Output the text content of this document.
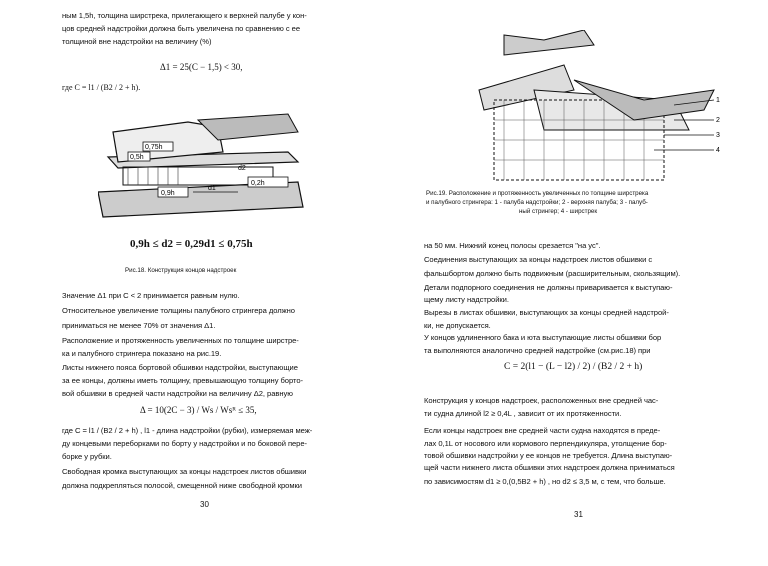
ным 1,5h, толщина ширстрека, прилегающего к верхней палубе у кон-
цов средней надстройки должна быть увеличена по сравнению с ее
толщиной вне надстройки на величину (%)
Δ1 = 25(C − 1,5) < 30,
где C = l1 / (B2 / 2 + h).
0,75h
0,5h
0,9h
d1
0,2h
d2
0,9h ≤ d2 = 0,29d1 ≤ 0,75h
Рис.18. Конструкция концов надстроек
Значение Δ1 при C < 2 принимается равным нулю.
Относительное увеличение толщины палубного стрингера должно
приниматься не менее 70% от значения Δ1.
Расположение и протяженность увеличенных по толщине ширстре-
ка и палубного стрингера показано на рис.19.
Листы нижнего пояса бортовой обшивки надстройки, выступающие
за ее концы, должны иметь толщину, превышающую толщину борто-
вой обшивки в средней части надстройки на величину Δ2, равную
Δ = 10(2C − 3) / Ws / Wsᴿ ≤ 35,
где C = l1 / (B2 / 2 + h) , l1 - длина надстройки (рубки), измеряемая меж-
ду концевыми переборками по борту у надстройки и по боковой пере-
борке у рубки.
Свободная кромка выступающих за концы надстроек листов обшивки
должна подкрепляться полосой, смещенной ниже свободной кромки
30
1
2
3
4
Рис.19. Расположение и протяженность увеличенных по толщине ширстрека
и палубного стрингера: 1 - палуба надстройки; 2 - верхняя палуба; 3 - палуб-
ный стрингер; 4 - ширстрек
на 50 мм. Нижний конец полосы срезается "на ус".
Соединения выступающих за концы надстроек листов обшивки с
фальшбортом должно быть подвижным (расширительным, скользящим).
Детали подпорного соединения не должны приваривается к выступаю-
щему листу надстройки.
Вырезы в листах обшивки, выступающих за концы средней надстрой-
ки, не допускается.
У концов удлиненного бака и юта выступающие листы обшивки бор
та выполняются аналогично средней надстройке (см.рис.18) при
C = 2(l1 − (L − l2) / 2) / (B2 / 2 + h)
Конструкция у концов надстроек, расположенных вне средней час-
ти судна длиной l2 ≥ 0,4L , зависит от их протяженности.
Если концы надстроек вне средней части судна находятся в преде-
лах 0,1L от носового или кормового перпендикуляра, утолщение бор-
товой обшивки надстройки у ее концов не требуется. Длина выступаю-
щей части нижнего листа обшивки этих надстроек должна приниматься
по зависимостям d1 ≥ 0,(0,5B2 + h) , но d2 ≤ 3,5 м, с тем, что больше.
31
